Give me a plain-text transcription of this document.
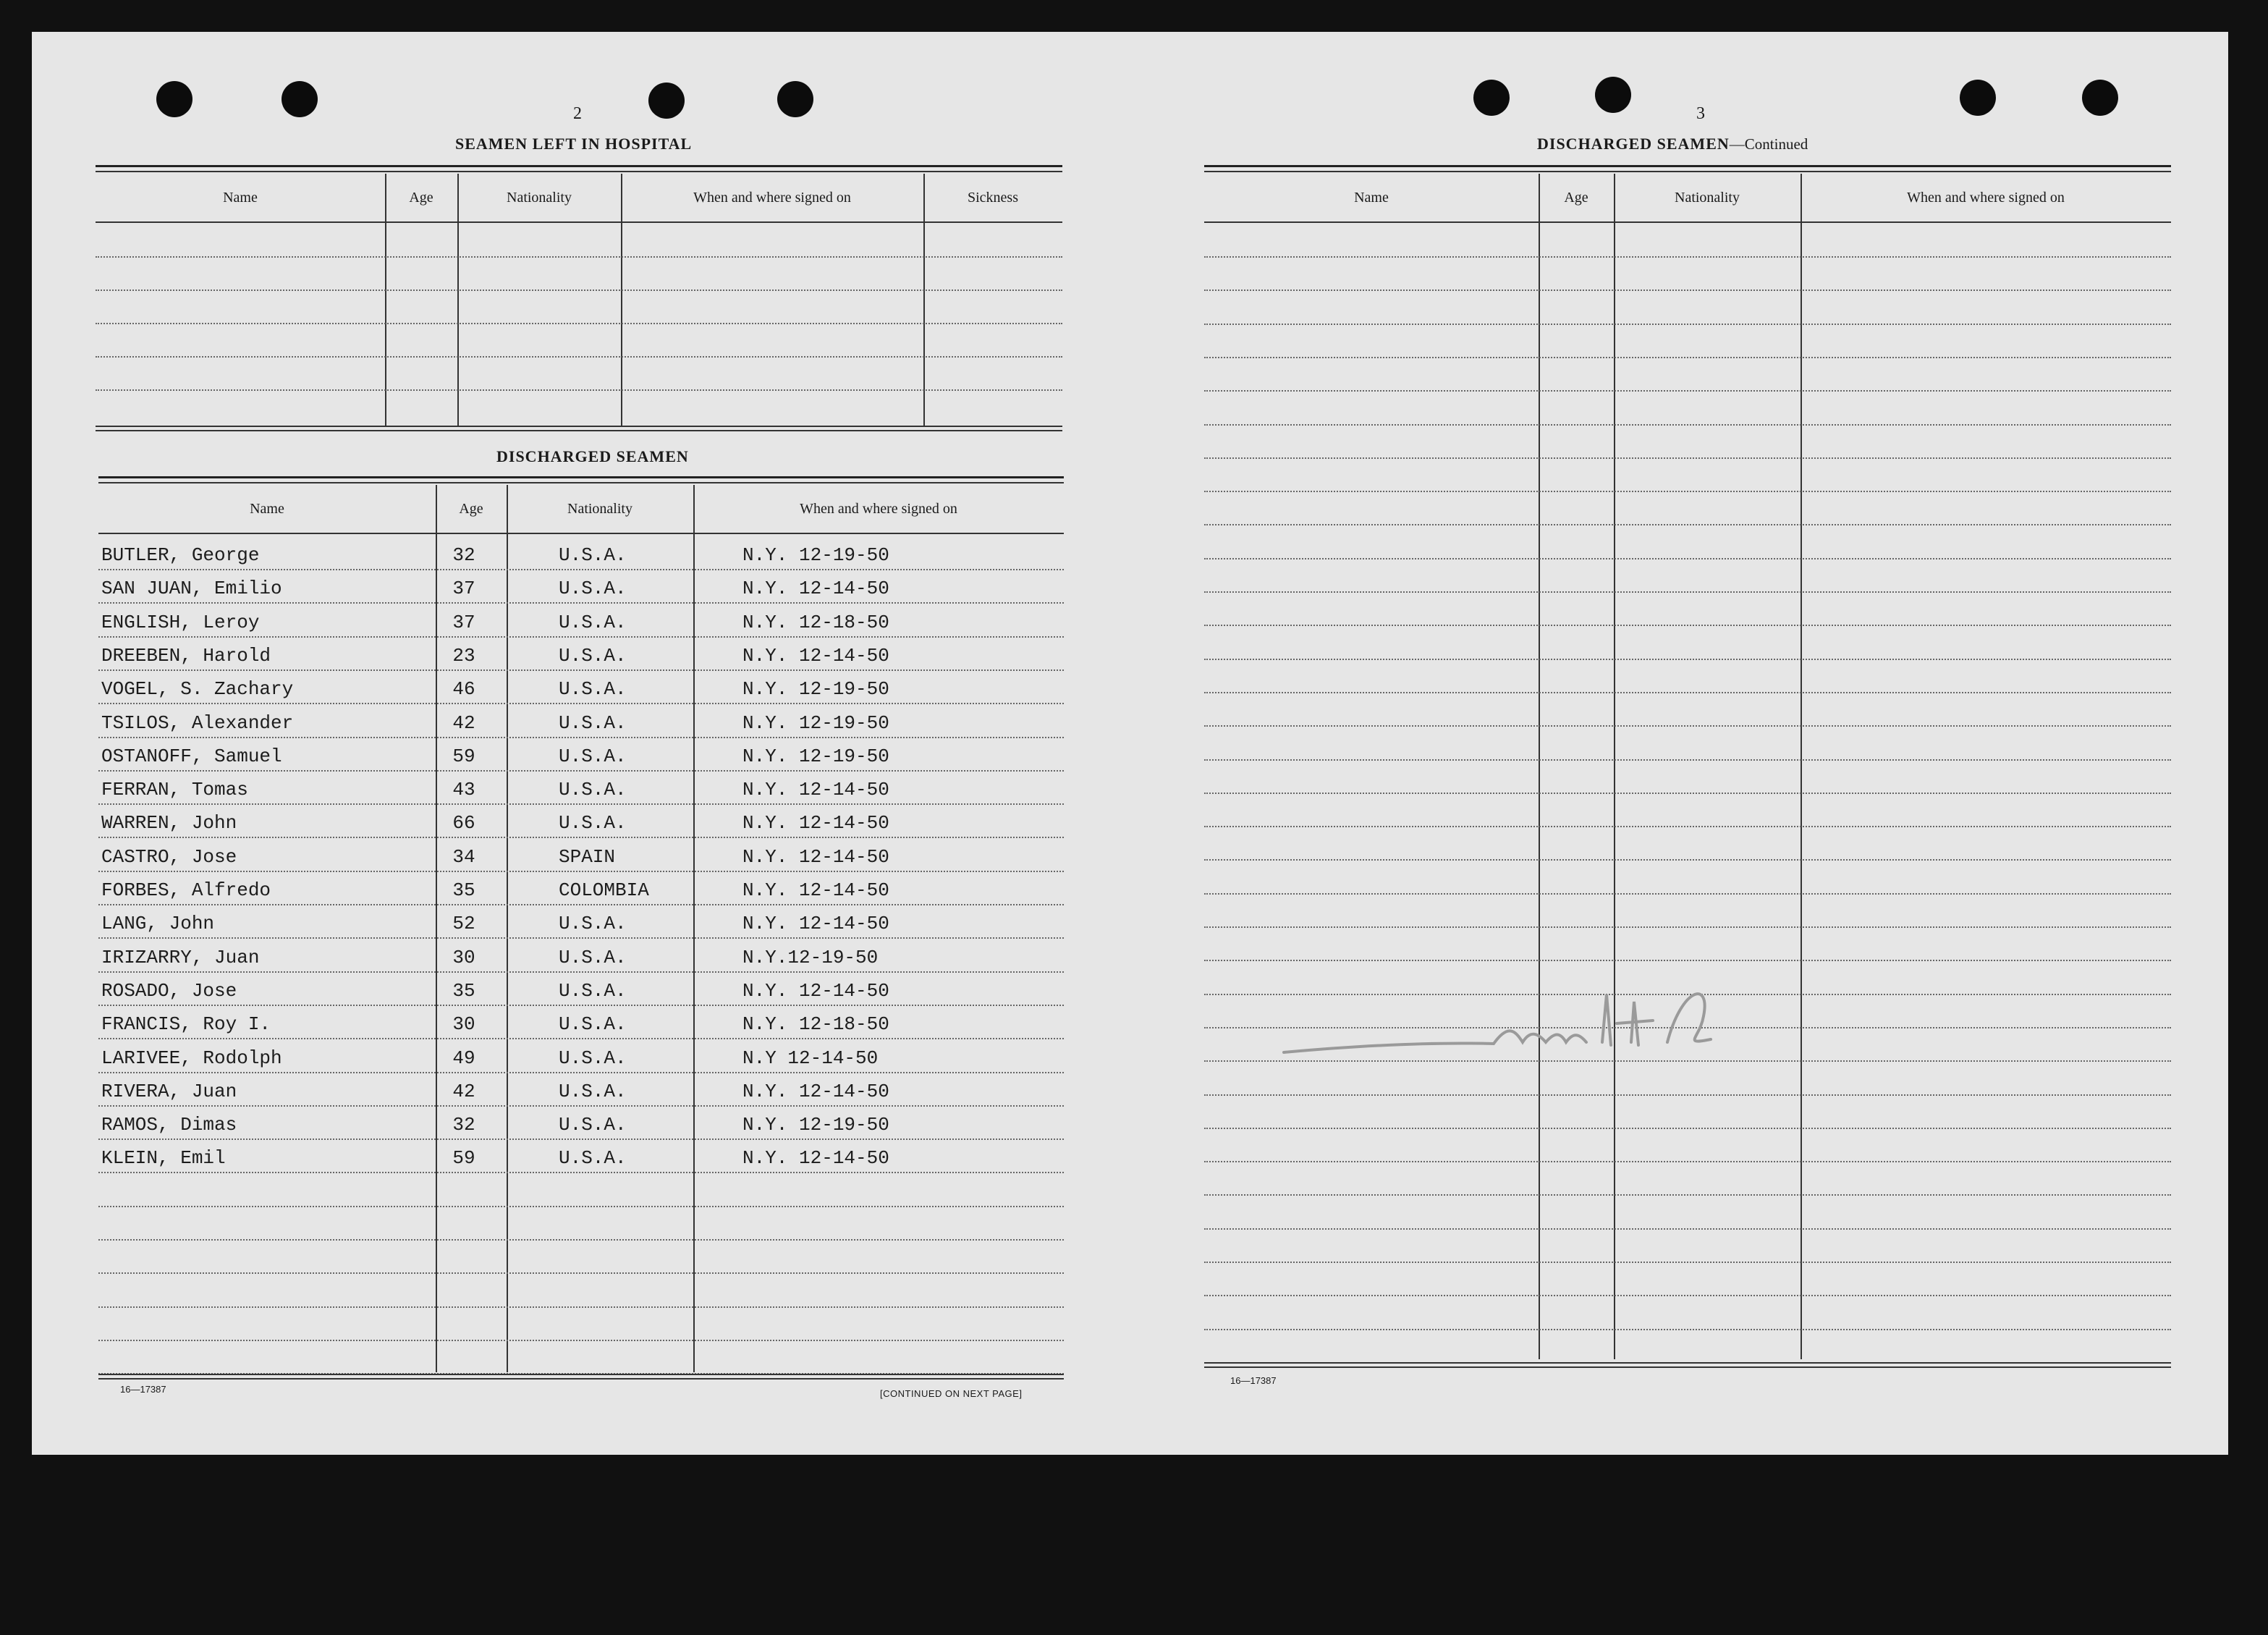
2
SEAMEN LEFT IN HOSPITAL
Name	Age	Nationality	When and where signed on	Sickness
DISCHARGED SEAMEN
Name	Age	Nationality	When and where signed on
BUTLER, George	32	U.S.A.	N.Y. 12-19-50
SAN JUAN, Emilio	37	U.S.A.	N.Y. 12-14-50
ENGLISH, Leroy	37	U.S.A.	N.Y. 12-18-50
DREEBEN, Harold	23	U.S.A.	N.Y. 12-14-50
VOGEL, S. Zachary	46	U.S.A.	N.Y. 12-19-50
TSILOS, Alexander	42	U.S.A.	N.Y. 12-19-50
OSTANOFF, Samuel	59	U.S.A.	N.Y. 12-19-50
FERRAN, Tomas	43	U.S.A.	N.Y. 12-14-50
WARREN, John	66	U.S.A.	N.Y. 12-14-50
CASTRO, Jose	34	SPAIN	N.Y. 12-14-50
FORBES, Alfredo	35	COLOMBIA	N.Y. 12-14-50
LANG, John	52	U.S.A.	N.Y. 12-14-50
IRIZARRY, Juan	30	U.S.A.	N.Y.12-19-50
ROSADO, Jose	35	U.S.A.	N.Y. 12-14-50
FRANCIS, Roy I.	30	U.S.A.	N.Y. 12-18-50
LARIVEE, Rodolph	49	U.S.A.	N.Y 12-14-50
RIVERA, Juan	42	U.S.A.	N.Y. 12-14-50
RAMOS, Dimas	32	U.S.A.	N.Y. 12-19-50
KLEIN, Emil	59	U.S.A.	N.Y. 12-14-50
16—17387	[CONTINUED ON NEXT PAGE]
3
DISCHARGED SEAMEN—Continued
Name	Age	Nationality	When and where signed on
16—17387
